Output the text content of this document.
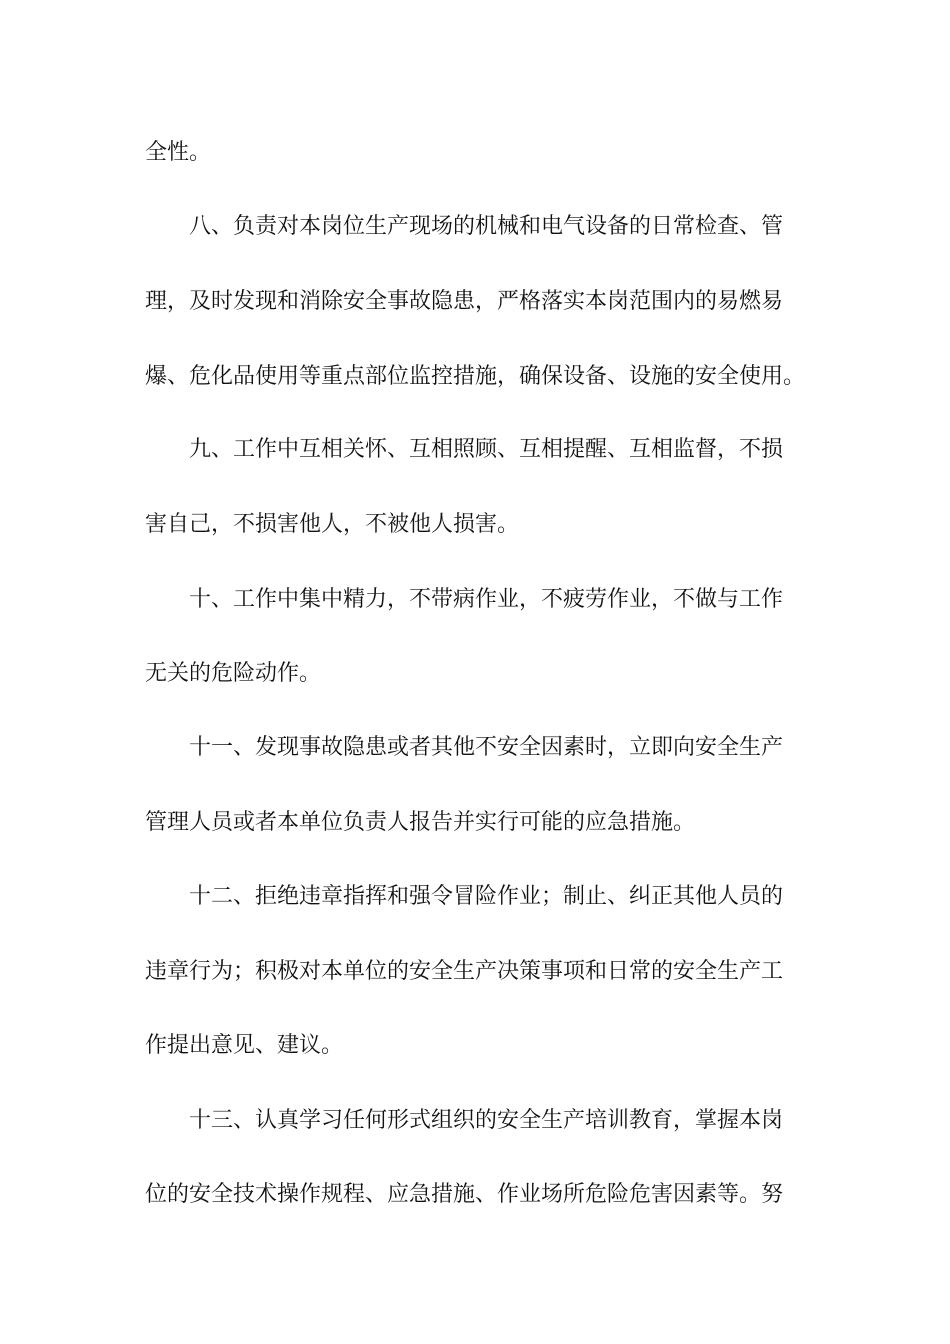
全性。

　　八、负责对本岗位生产现场的机械和电气设备的日常检查、管

理，及时发现和消除安全事故隐患，严格落实本岗范围内的易燃易

爆、危化品使用等重点部位监控措施，确保设备、设施的安全使用。

　　九、工作中互相关怀、互相照顾、互相提醒、互相监督，不损

害自己，不损害他人，不被他人损害。

　　十、工作中集中精力，不带病作业，不疲劳作业，不做与工作

无关的危险动作。

　　十一、发现事故隐患或者其他不安全因素时，立即向安全生产

管理人员或者本单位负责人报告并实行可能的应急措施。

　　十二、拒绝违章指挥和强令冒险作业；制止、纠正其他人员的

违章行为；积极对本单位的安全生产决策事项和日常的安全生产工

作提出意见、建议。

　　十三、认真学习任何形式组织的安全生产培训教育，掌握本岗

位的安全技术操作规程、应急措施、作业场所危险危害因素等。努
